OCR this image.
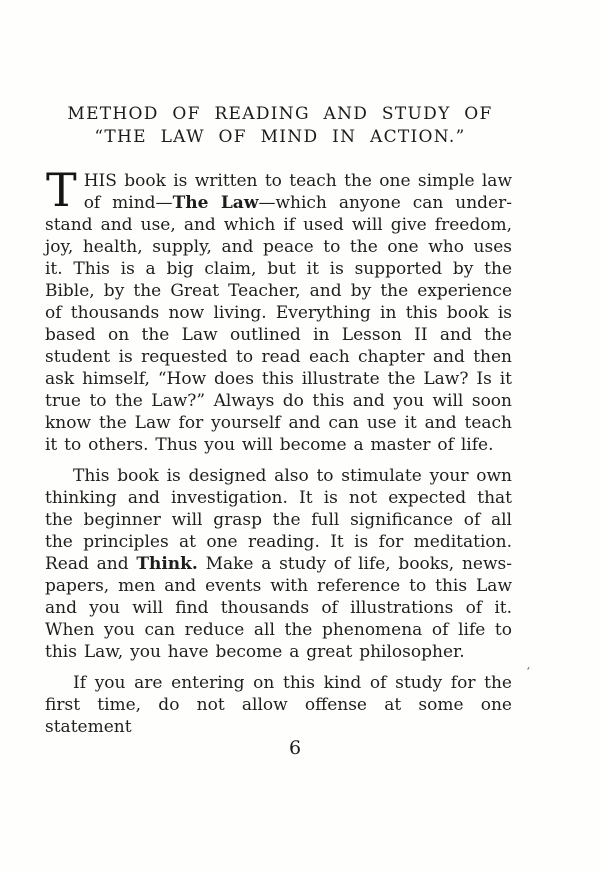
METHOD OF READING AND STUDY OF
“THE LAW OF MIND IN ACTION.”

THIS book is written to teach the one simple law of mind—The Law—which anyone can understand and use, and which if used will give freedom, joy, health, supply, and peace to the one who uses it. This is a big claim, but it is supported by the Bible, by the Great Teacher, and by the experience of thousands now living. Everything in this book is based on the Law outlined in Lesson II and the student is requested to read each chapter and then ask himself, “How does this illustrate the Law? Is it true to the Law?” Always do this and you will soon know the Law for yourself and can use it and teach it to others. Thus you will become a master of life.

This book is designed also to stimulate your own thinking and investigation. It is not expected that the beginner will grasp the full significance of all the principles at one reading. It is for meditation. Read and Think. Make a study of life, books, newspapers, men and events with reference to this Law and you will find thousands of illustrations of it. When you can reduce all the phenomena of life to this Law, you have become a great philosopher.

If you are entering on this kind of study for the first time, do not allow offense at some one statement

6
‘
